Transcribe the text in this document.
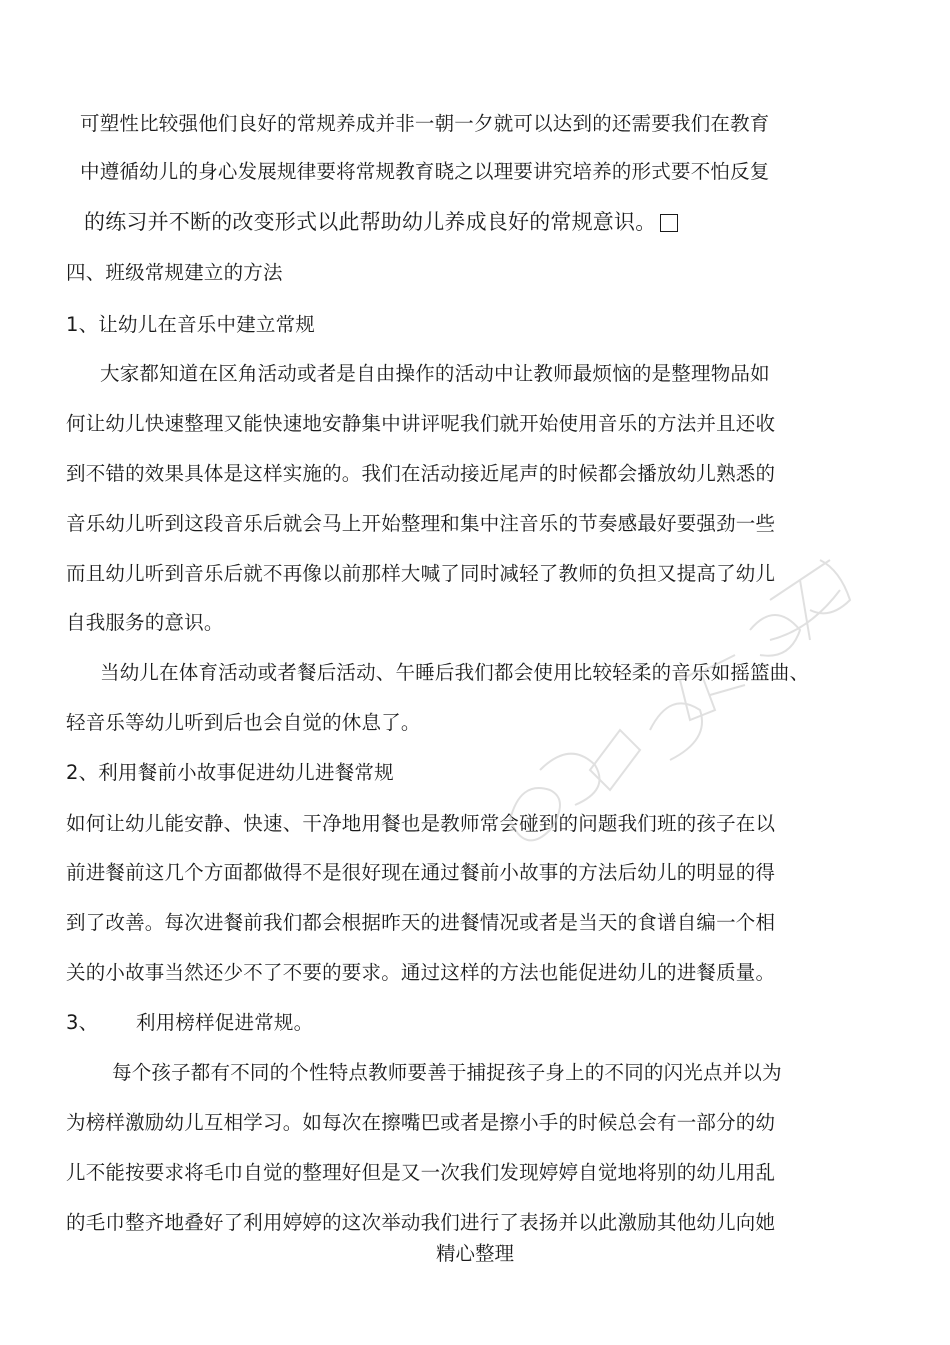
可塑性比较强他们良好的常规养成并非一朝一夕就可以达到的还需要我们在教育
中遵循幼儿的身心发展规律要将常规教育晓之以理要讲究培养的形式要不怕反复
的练习并不断的改变形式以此帮助幼儿养成良好的常规意识。
四、班级常规建立的方法
1、让幼儿在音乐中建立常规
大家都知道在区角活动或者是自由操作的活动中让教师最烦恼的是整理物品如
何让幼儿快速整理又能快速地安静集中讲评呢我们就开始使用音乐的方法并且还收
到不错的效果具体是这样实施的。我们在活动接近尾声的时候都会播放幼儿熟悉的
音乐幼儿听到这段音乐后就会马上开始整理和集中注音乐的节奏感最好要强劲一些
而且幼儿听到音乐后就不再像以前那样大喊了同时减轻了教师的负担又提高了幼儿
自我服务的意识。
当幼儿在体育活动或者餐后活动、午睡后我们都会使用比较轻柔的音乐如摇篮曲、
轻音乐等幼儿听到后也会自觉的休息了。
2、利用餐前小故事促进幼儿进餐常规
如何让幼儿能安静、快速、干净地用餐也是教师常会碰到的问题我们班的孩子在以
前进餐前这几个方面都做得不是很好现在通过餐前小故事的方法后幼儿的明显的得
到了改善。每次进餐前我们都会根据昨天的进餐情况或者是当天的食谱自编一个相
关的小故事当然还少不了不要的要求。通过这样的方法也能促进幼儿的进餐质量。
3、 利用榜样促进常规。
每个孩子都有不同的个性特点教师要善于捕捉孩子身上的不同的闪光点并以为
为榜样激励幼儿互相学习。如每次在擦嘴巴或者是擦小手的时候总会有一部分的幼
儿不能按要求将毛巾自觉的整理好但是又一次我们发现婷婷自觉地将别的幼儿用乱
的毛巾整齐地叠好了利用婷婷的这次举动我们进行了表扬并以此激励其他幼儿向她
精心整理
